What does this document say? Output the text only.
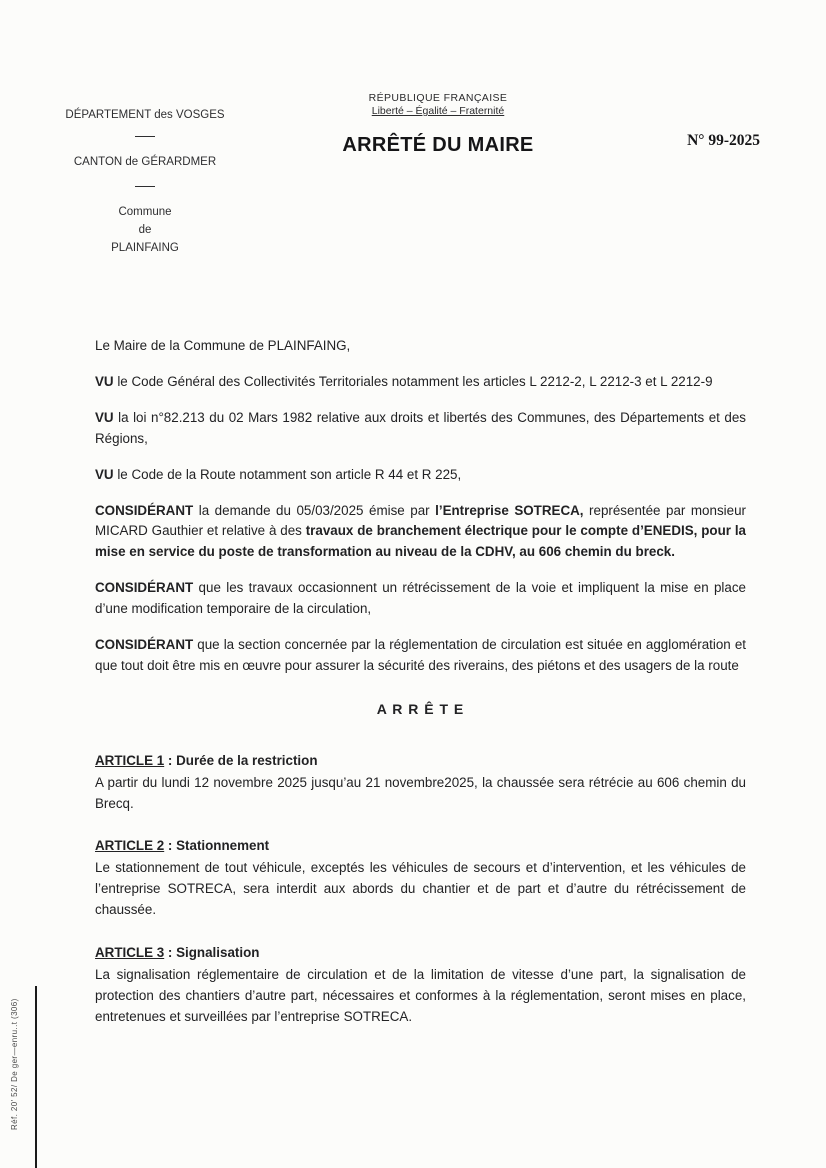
Réf. 20' 52/ De ger—enru..t (306)
DÉPARTEMENT des VOSGES
CANTON de GÉRARDMER
Commune
de
PLAINFAING
RÉPUBLIQUE FRANÇAISE
Liberté – Égalité – Fraternité
ARRÊTÉ DU MAIRE	N° 99-2025

Le Maire de la Commune de PLAINFAING,

VU le Code Général des Collectivités Territoriales notamment les articles L 2212-2, L 2212-3 et L 2212-9

VU la loi n°82.213 du 02 Mars 1982 relative aux droits et libertés des Communes, des Départements et des Régions,

VU le Code de la Route notamment son article R 44 et R 225,

CONSIDÉRANT la demande du 05/03/2025 émise par l’Entreprise SOTRECA, représentée par monsieur MICARD Gauthier et relative à des travaux de branchement électrique pour le compte d’ENEDIS, pour la mise en service du poste de transformation au niveau de la CDHV, au 606 chemin du breck.

CONSIDÉRANT que les travaux occasionnent un rétrécissement de la voie et impliquent la mise en place d’une modification temporaire de la circulation,

CONSIDÉRANT que la section concernée par la réglementation de circulation est située en agglomération et que tout doit être mis en œuvre pour assurer la sécurité des riverains, des piétons et des usagers de la route

A R R Ê T E

ARTICLE 1 : Durée de la restriction

A partir du lundi 12 novembre 2025 jusqu’au 21 novembre2025, la chaussée sera rétrécie au 606 chemin du Brecq.

ARTICLE 2 : Stationnement

Le stationnement de tout véhicule, exceptés les véhicules de secours et d’intervention, et les véhicules de l’entreprise SOTRECA, sera interdit aux abords du chantier et de part et d’autre du rétrécissement de chaussée.

ARTICLE 3 : Signalisation

La signalisation réglementaire de circulation et de la limitation de vitesse d’une part, la signalisation de protection des chantiers d’autre part, nécessaires et conformes à la réglementation, seront mises en place, entretenues et surveillées par l’entreprise SOTRECA.
